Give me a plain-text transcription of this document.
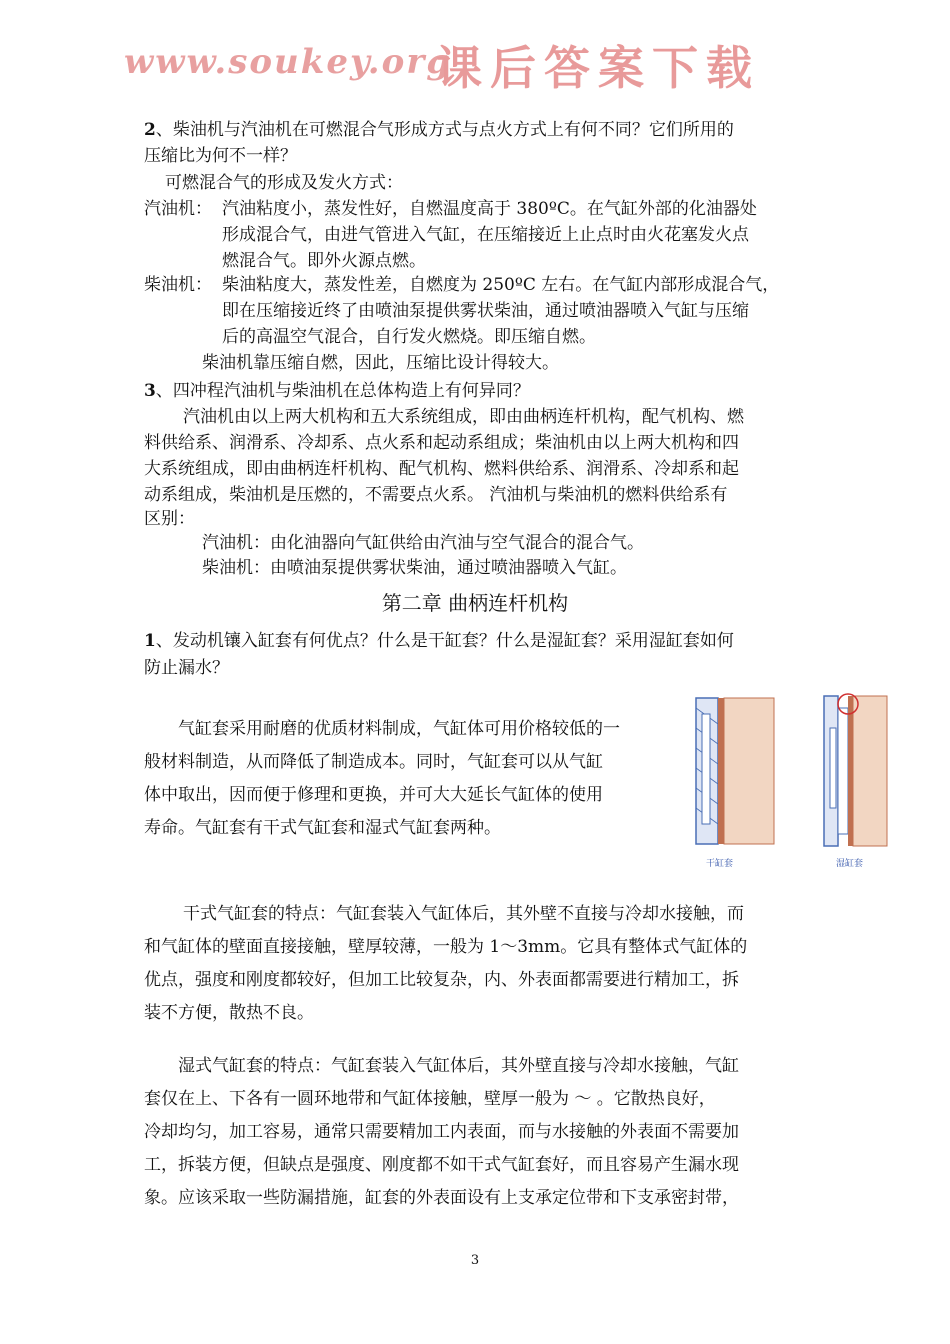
www.soukey.org
课后答案下载
2、柴油机与汽油机在可燃混合气形成方式与点火方式上有何不同？它们所用的
压缩比为何不一样？
可燃混合气的形成及发火方式：
汽油机： 汽油粘度小，蒸发性好，自燃温度高于 380ºC。在气缸外部的化油器处
形成混合气，由进气管进入气缸，在压缩接近上止点时由火花塞发火点
燃混合气。即外火源点燃。
柴油机： 柴油粘度大，蒸发性差，自燃度为 250ºC 左右。在气缸内部形成混合气，
即在压缩接近终了由喷油泵提供雾状柴油，通过喷油器喷入气缸与压缩
后的高温空气混合，自行发火燃烧。即压缩自燃。
柴油机靠压缩自燃，因此，压缩比设计得较大。
3、四冲程汽油机与柴油机在总体构造上有何异同？
汽油机由以上两大机构和五大系统组成，即由曲柄连杆机构，配气机构、燃
料供给系、润滑系、冷却系、点火系和起动系组成；柴油机由以上两大机构和四
大系统组成，即由曲柄连杆机构、配气机构、燃料供给系、润滑系、冷却系和起
动系组成，柴油机是压燃的，不需要点火系。 汽油机与柴油机的燃料供给系有
区别：
汽油机：由化油器向气缸供给由汽油与空气混合的混合气。
柴油机：由喷油泵提供雾状柴油，通过喷油器喷入气缸。
第二章 曲柄连杆机构
1、发动机镶入缸套有何优点？什么是干缸套？什么是湿缸套？采用湿缸套如何
防止漏水？
气缸套采用耐磨的优质材料制成，气缸体可用价格较低的一
般材料制造，从而降低了制造成本。同时，气缸套可以从气缸
体中取出，因而便于修理和更换，并可大大延长气缸体的使用
寿命。气缸套有干式气缸套和湿式气缸套两种。
干缸套	湿缸套
干式气缸套的特点：气缸套装入气缸体后，其外壁不直接与冷却水接触，而
和气缸体的壁面直接接触，壁厚较薄，一般为 1～3mm。它具有整体式气缸体的
优点，强度和刚度都较好，但加工比较复杂，内、外表面都需要进行精加工，拆
装不方便，散热不良。
湿式气缸套的特点：气缸套装入气缸体后，其外壁直接与冷却水接触，气缸
套仅在上、下各有一圆环地带和气缸体接触，壁厚一般为 ～ 。它散热良好，
冷却均匀，加工容易，通常只需要精加工内表面，而与水接触的外表面不需要加
工，拆装方便，但缺点是强度、刚度都不如干式气缸套好，而且容易产生漏水现
象。应该采取一些防漏措施，缸套的外表面设有上支承定位带和下支承密封带，
3
